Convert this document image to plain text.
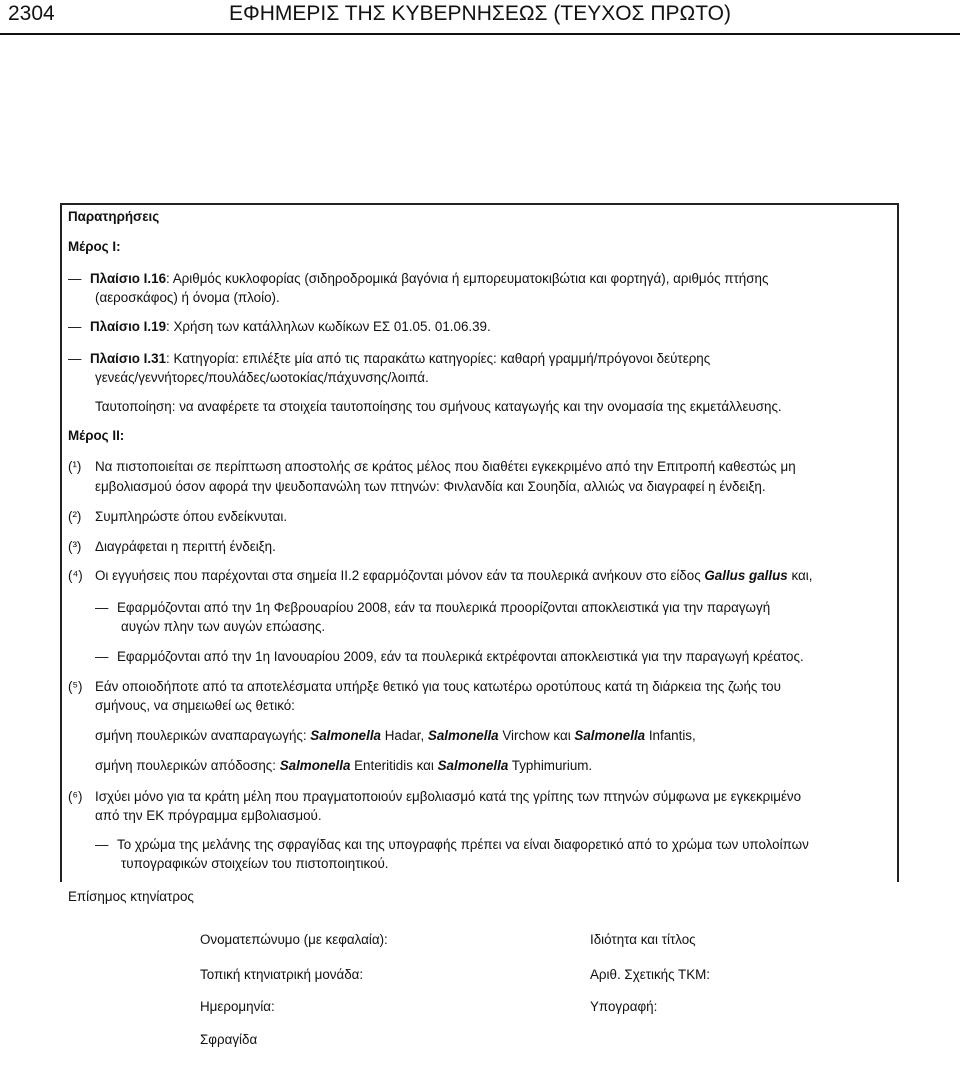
2304	ΕΦΗΜΕΡΙΣ ΤΗΣ ΚΥΒΕΡΝΗΣΕΩΣ (ΤΕΥΧΟΣ ΠΡΩΤΟ)
Παρατηρήσεις
Μέρος Ι:
— Πλαίσιο Ι.16: Αριθμός κυκλοφορίας (σιδηροδρομικά βαγόνια ή εμπορευματοκιβώτια και φορτηγά), αριθμός πτήσης
(αεροσκάφος) ή όνομα (πλοίο).
— Πλαίσιο Ι.19: Χρήση των κατάλληλων κωδίκων ΕΣ 01.05. 01.06.39.
— Πλαίσιο Ι.31: Κατηγορία: επιλέξτε μία από τις παρακάτω κατηγορίες: καθαρή γραμμή/πρόγονοι δεύτερης
γενεάς/γεννήτορες/πουλάδες/ωοτοκίας/πάχυνσης/λοιπά.
Ταυτοποίηση: να αναφέρετε τα στοιχεία ταυτοποίησης του σμήνους καταγωγής και την ονομασία της εκμετάλλευσης.
Μέρος ΙΙ:
(¹) Να πιστοποιείται σε περίπτωση αποστολής σε κράτος μέλος που διαθέτει εγκεκριμένο από την Επιτροπή καθεστώς μη
εμβολιασμού όσον αφορά την ψευδοπανώλη των πτηνών: Φινλανδία και Σουηδία, αλλιώς να διαγραφεί η ένδειξη.
(²) Συμπληρώστε όπου ενδείκνυται.
(³) Διαγράφεται η περιττή ένδειξη.
(⁴) Οι εγγυήσεις που παρέχονται στα σημεία ΙΙ.2 εφαρμόζονται μόνον εάν τα πουλερικά ανήκουν στο είδος Gallus gallus και,
— Εφαρμόζονται από την 1η Φεβρουαρίου 2008, εάν τα πουλερικά προορίζονται αποκλειστικά για την παραγωγή
αυγών πλην των αυγών επώασης.
— Εφαρμόζονται από την 1η Ιανουαρίου 2009, εάν τα πουλερικά εκτρέφονται αποκλειστικά για την παραγωγή κρέατος.
(⁵) Εάν οποιοδήποτε από τα αποτελέσματα υπήρξε θετικό για τους κατωτέρω οροτύπους κατά τη διάρκεια της ζωής του
σμήνους, να σημειωθεί ως θετικό:
σμήνη πουλερικών αναπαραγωγής: Salmonella Hadar, Salmonella Virchow και Salmonella Infantis,
σμήνη πουλερικών απόδοσης: Salmonella Enteritidis και Salmonella Typhimurium.
(⁶) Ισχύει μόνο για τα κράτη μέλη που πραγματοποιούν εμβολιασμό κατά της γρίπης των πτηνών σύμφωνα με εγκεκριμένο
από την ΕΚ πρόγραμμα εμβολιασμού.
— Το χρώμα της μελάνης της σφραγίδας και της υπογραφής πρέπει να είναι διαφορετικό από το χρώμα των υπολοίπων
τυπογραφικών στοιχείων του πιστοποιητικού.
Επίσημος κτηνίατρος
Ονοματεπώνυμο (με κεφαλαία):	Ιδιότητα και τίτλος
Τοπική κτηνιατρική μονάδα:	Αριθ. Σχετικής ΤΚΜ:
Ημερομηνία:	Υπογραφή:
Σφραγίδα
